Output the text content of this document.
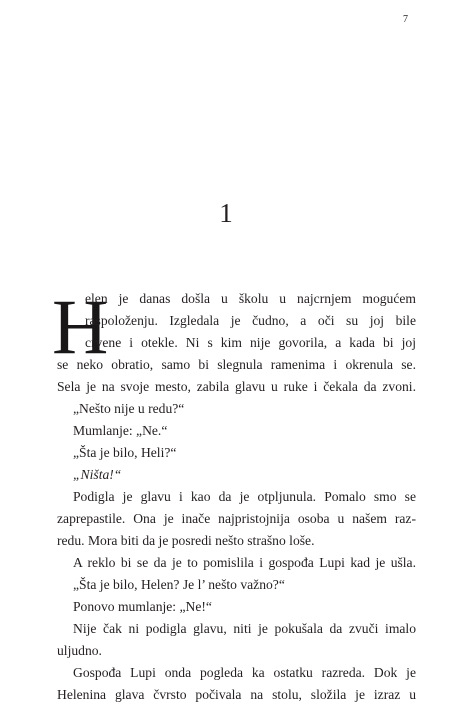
7
1
H
elen je danas došla u školu u najcrnjem mogućem
raspoloženju. Izgledala je čudno, a oči su joj bile
crvene i otekle. Ni s kim nije govorila, a kada bi joj
se neko obratio, samo bi slegnula ramenima i okrenula se.
Sela je na svoje mesto, zabila glavu u ruke i čekala da zvoni.
„Nešto nije u redu?“
Mumlanje: „Ne.“
„Šta je bilo, Heli?“
„Ništa!“
Podigla je glavu i kao da je otpljunula. Pomalo smo se
zaprepastile. Ona je inače najpristojnija osoba u našem raz-
redu. Mora biti da je posredi nešto strašno loše.
A reklo bi se da je to pomislila i gospođa Lupi kad je ušla.
„Šta je bilo, Helen? Je l’ nešto važno?“
Ponovo mumlanje: „Ne!“
Nije čak ni podigla glavu, niti je pokušala da zvuči imalo
uljudno.
Gospođa Lupi onda pogleda ka ostatku razreda. Dok je
Helenina glava čvrsto počivala na stolu, složila je izraz u
